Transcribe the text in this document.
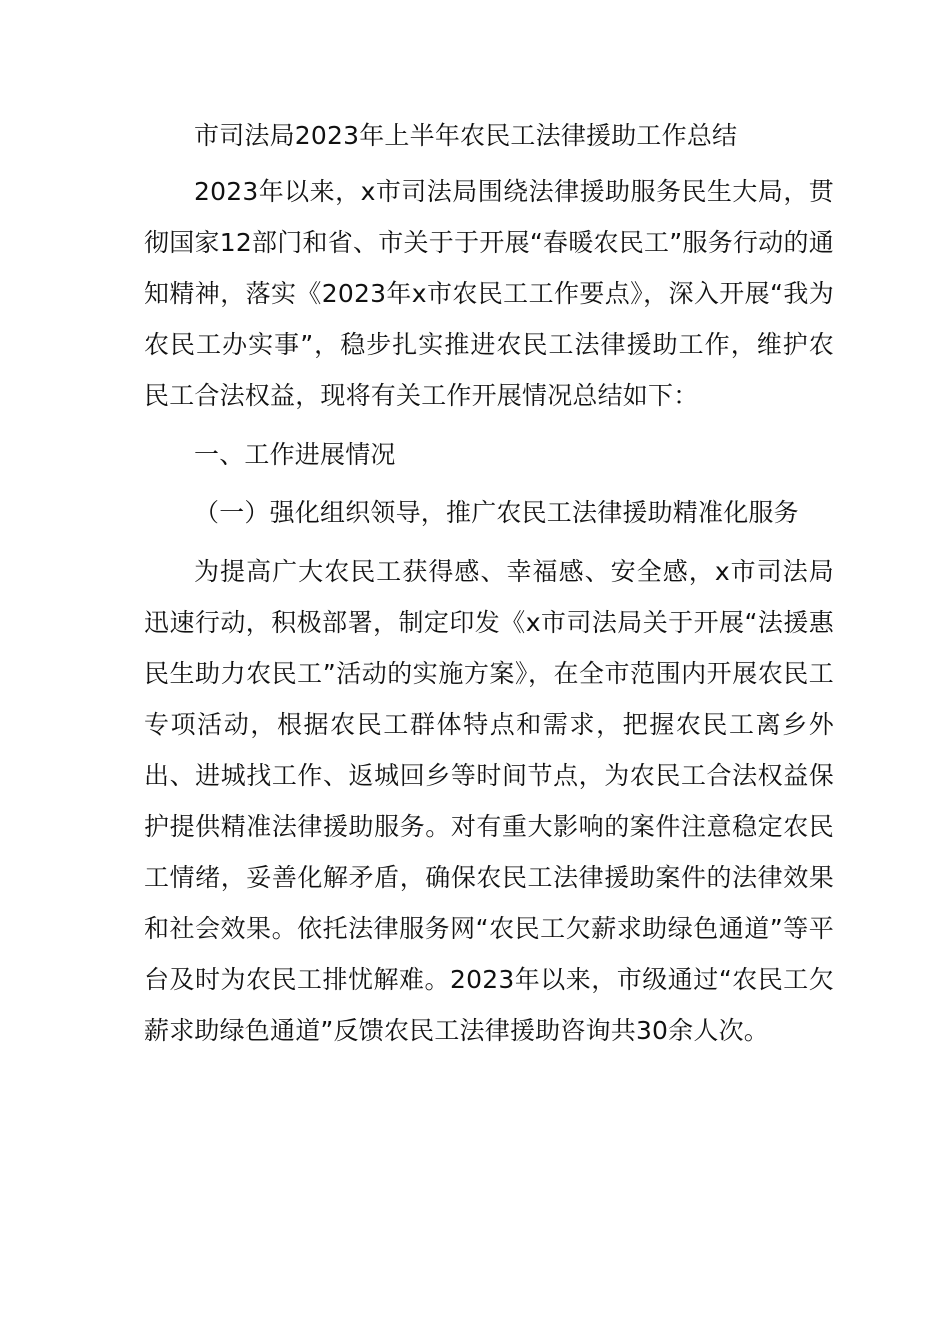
市司法局2023年上半年农民工法律援助工作总结

2023年以来，x市司法局围绕法律援助服务民生大局，贯彻国家12部门和省、市关于于开展“春暖农民工”服务行动的通知精神，落实《2023年x市农民工工作要点》，深入开展“我为农民工办实事”，稳步扎实推进农民工法律援助工作，维护农民工合法权益，现将有关工作开展情况总结如下：

一、工作进展情况

（一）强化组织领导，推广农民工法律援助精准化服务

为提高广大农民工获得感、幸福感、安全感，x市司法局迅速行动，积极部署，制定印发《x市司法局关于开展“法援惠民生助力农民工”活动的实施方案》，在全市范围内开展农民工专项活动，根据农民工群体特点和需求，把握农民工离乡外出、进城找工作、返城回乡等时间节点，为农民工合法权益保护提供精准法律援助服务。对有重大影响的案件注意稳定农民工情绪，妥善化解矛盾，确保农民工法律援助案件的法律效果和社会效果。依托法律服务网“农民工欠薪求助绿色通道”等平台及时为农民工排忧解难。2023年以来，市级通过“农民工欠薪求助绿色通道”反馈农民工法律援助咨询共30余人次。
